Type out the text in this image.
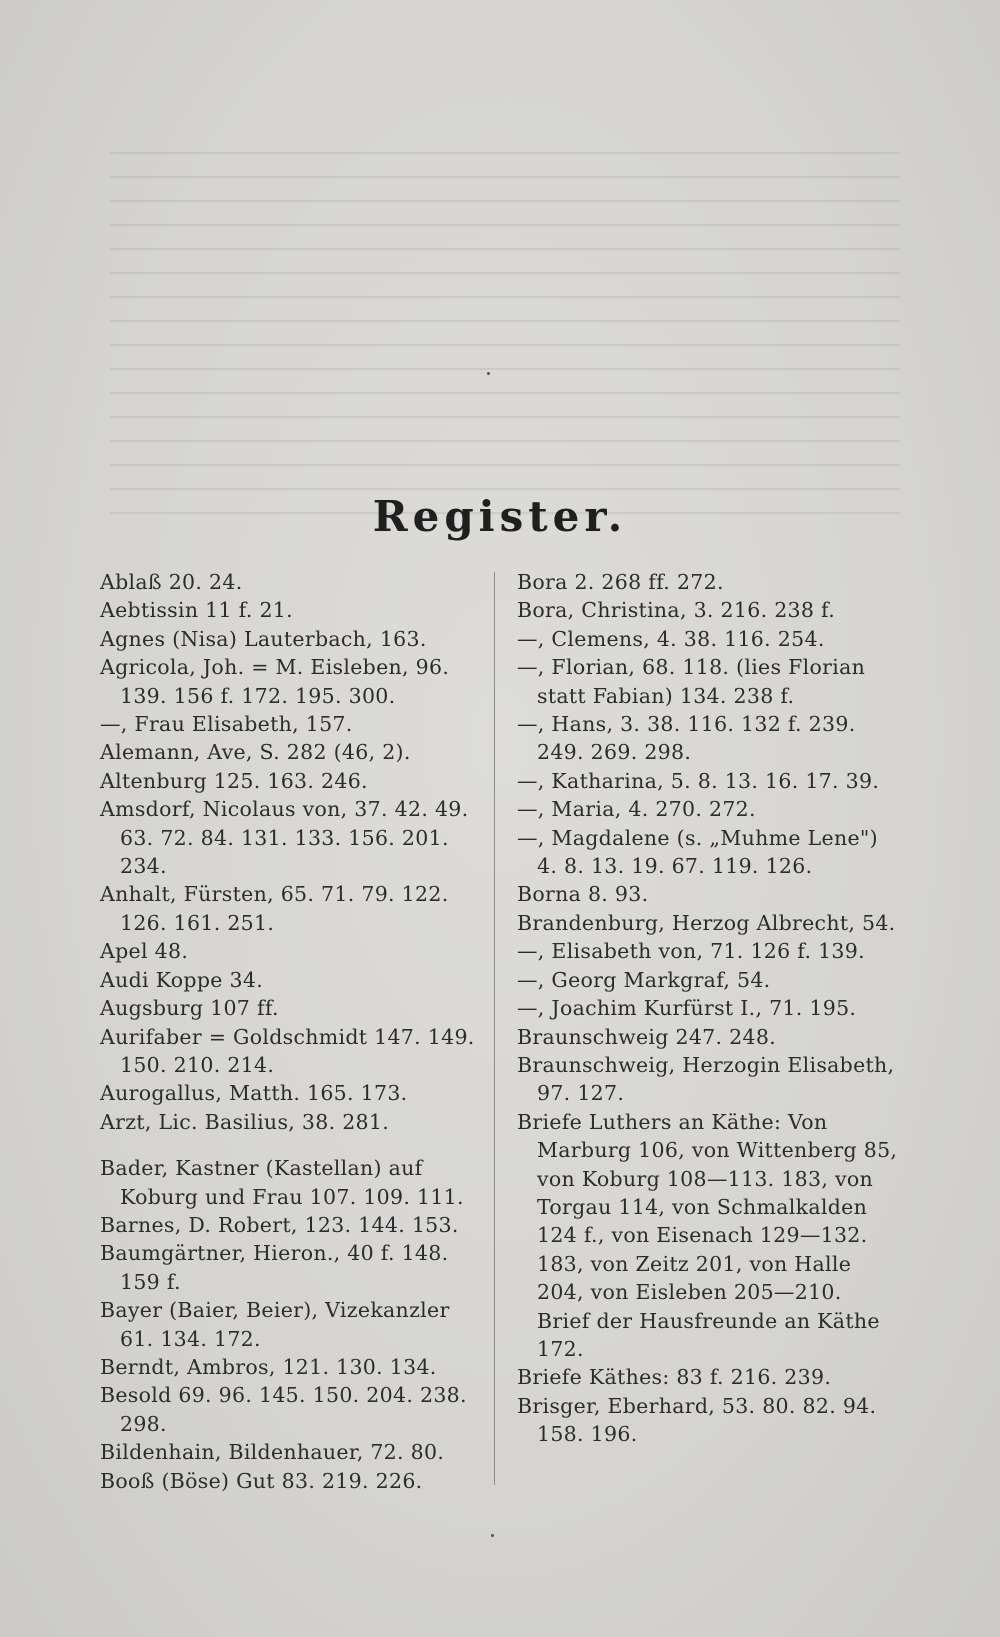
Register.
Ablaß 20. 24.
Aebtissin 11 f. 21.
Agnes (Nisa) Lauterbach, 163.
Agricola, Joh. = M. Eisleben, 96. 139. 156 f. 172. 195. 300.
—, Frau Elisabeth, 157.
Alemann, Ave, S. 282 (46, 2).
Altenburg 125. 163. 246.
Amsdorf, Nicolaus von, 37. 42. 49. 63. 72. 84. 131. 133. 156. 201. 234.
Anhalt, Fürsten, 65. 71. 79. 122. 126. 161. 251.
Apel 48.
Audi Koppe 34.
Augsburg 107 ff.
Aurifaber = Goldschmidt 147. 149. 150. 210. 214.
Aurogallus, Matth. 165. 173.
Arzt, Lic. Basilius, 38. 281.
Bader, Kastner (Kastellan) auf Koburg und Frau 107. 109. 111.
Barnes, D. Robert, 123. 144. 153.
Baumgärtner, Hieron., 40 f. 148. 159 f.
Bayer (Baier, Beier), Vizekanzler 61. 134. 172.
Berndt, Ambros, 121. 130. 134.
Besold 69. 96. 145. 150. 204. 238. 298.
Bildenhain, Bildenhauer, 72. 80.
Booß (Böse) Gut 83. 219. 226.
Bora 2. 268 ff. 272.
Bora, Christina, 3. 216. 238 f.
—, Clemens, 4. 38. 116. 254.
—, Florian, 68. 118. (lies Florian statt Fabian) 134. 238 f.
—, Hans, 3. 38. 116. 132 f. 239. 249. 269. 298.
—, Katharina, 5. 8. 13. 16. 17. 39.
—, Maria, 4. 270. 272.
—, Magdalene (s. „Muhme Lene") 4. 8. 13. 19. 67. 119. 126.
Borna 8. 93.
Brandenburg, Herzog Albrecht, 54.
—, Elisabeth von, 71. 126 f. 139.
—, Georg Markgraf, 54.
—, Joachim Kurfürst I., 71. 195.
Braunschweig 247. 248.
Braunschweig, Herzogin Elisabeth, 97. 127.
Briefe Luthers an Käthe: Von Marburg 106, von Wittenberg 85, von Koburg 108—113. 183, von Torgau 114, von Schmalkalden 124 f., von Eisenach 129—132. 183, von Zeitz 201, von Halle 204, von Eisleben 205—210. Brief der Hausfreunde an Käthe 172.
Briefe Käthes: 83 f. 216. 239.
Brisger, Eberhard, 53. 80. 82. 94. 158. 196.
